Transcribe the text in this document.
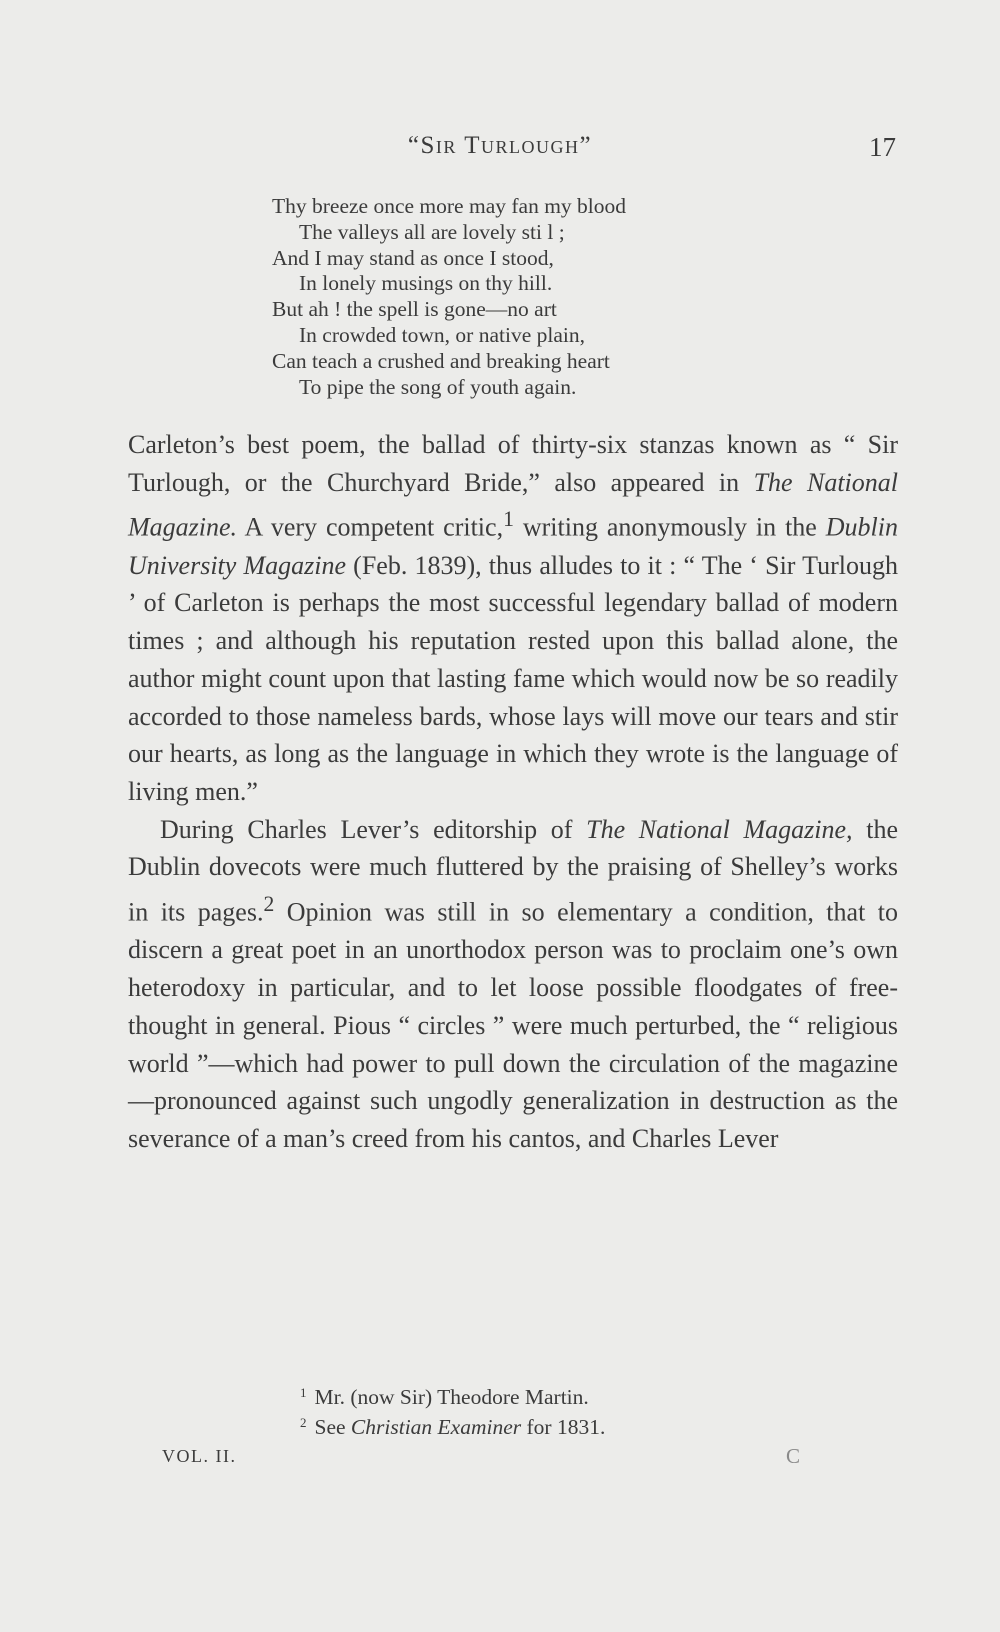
“Sir Turlough”	17
Thy breeze once more may fan my blood
The valleys all are lovely sti l ;
And I may stand as once I stood,
In lonely musings on thy hill.
But ah ! the spell is gone—no art
In crowded town, or native plain,
Can teach a crushed and breaking heart
To pipe the song of youth again.

Carleton’s best poem, the ballad of thirty-six stanzas known as “ Sir Turlough, or the Churchyard Bride,” also appeared in The National Magazine. A very competent critic,$^1$ writing anonymously in the Dublin University Magazine (Feb. 1839), thus alludes to it : “ The ‘ Sir Turlough ’ of Carleton is perhaps the most successful legendary ballad of modern times ; and although his reputation rested upon this ballad alone, the author might count upon that lasting fame which would now be so readily accorded to those nameless bards, whose lays will move our tears and stir our hearts, as long as the language in which they wrote is the language of living men.”

During Charles Lever’s editorship of The National Magazine, the Dublin dovecots were much fluttered by the praising of Shelley’s works in its pages.$^2$ Opinion was still in so elementary a condition, that to discern a great poet in an unorthodox person was to proclaim one’s own heterodoxy in particular, and to let loose possible floodgates of free-thought in general. Pious “ circles ” were much perturbed, the “ religious world ”—which had power to pull down the circulation of the magazine—pronounced against such ungodly generalization in destruction as the severance of a man’s creed from his cantos, and Charles Lever

$^1$ Mr. (now Sir) Theodore Martin.
$^2$ See Christian Examiner for 1831.
VOL. II.	C
